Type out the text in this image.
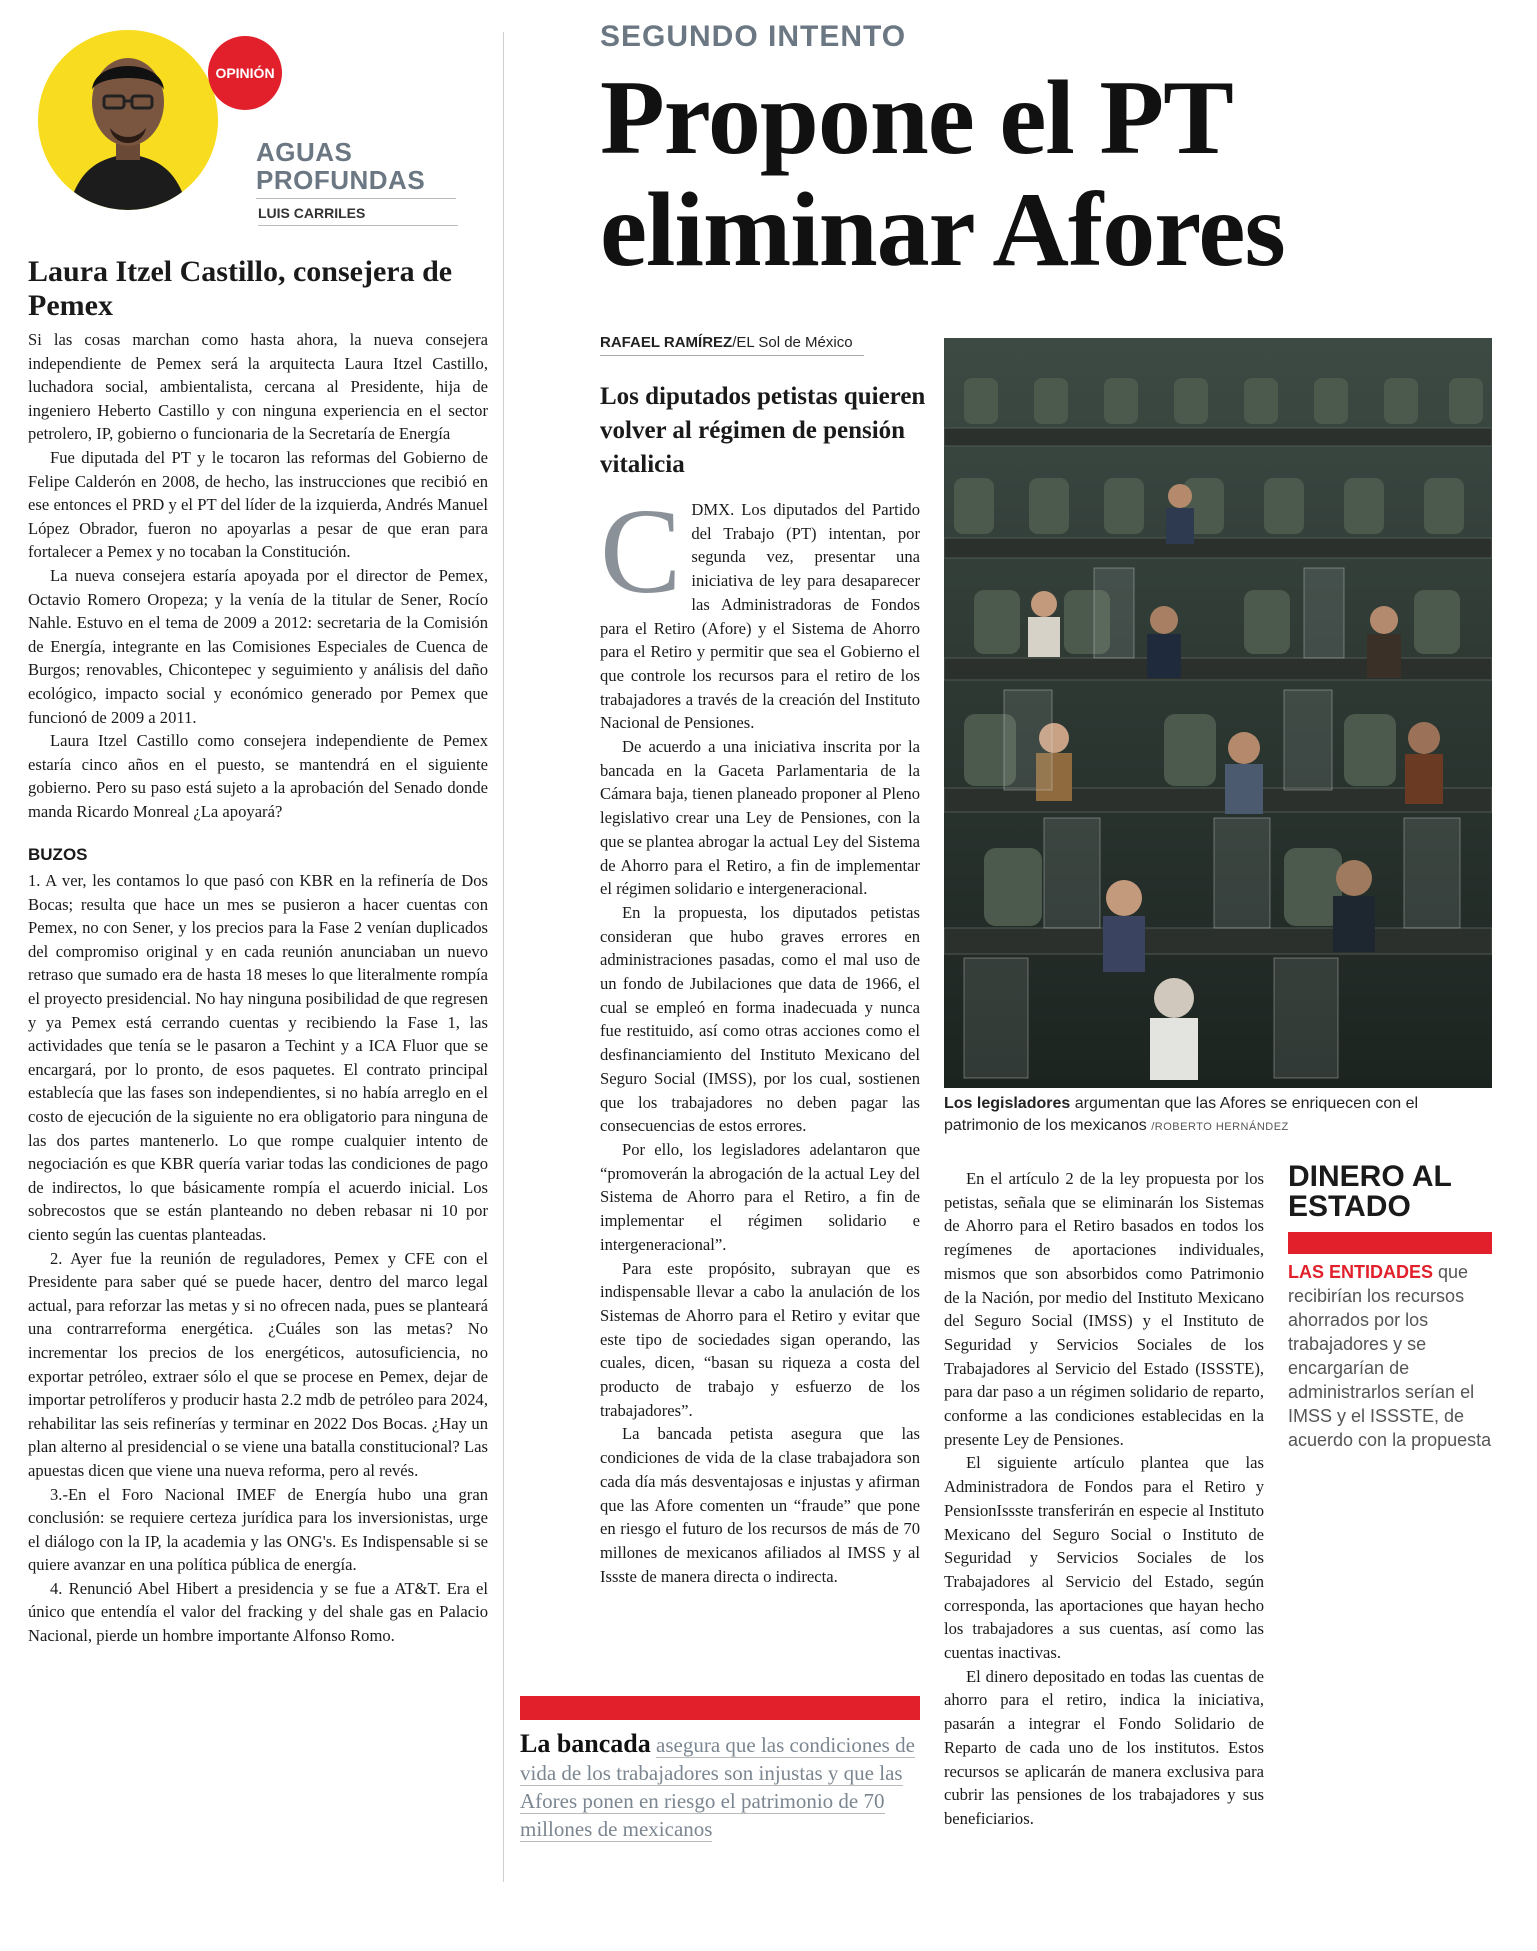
OPINIÓN
AGUAS PROFUNDAS
LUIS CARRILES
Laura Itzel Castillo, consejera de Pemex

Si las cosas marchan como hasta ahora, la nueva consejera independiente de Pemex será la arquitecta Laura Itzel Castillo, luchadora social, ambientalista, cercana al Presidente, hija de ingeniero Heberto Castillo y con ninguna experiencia en el sector petrolero, IP, gobierno o funcionaria de la Secretaría de Energía

Fue diputada del PT y le tocaron las reformas del Gobierno de Felipe Calderón en 2008, de hecho, las instrucciones que recibió en ese entonces el PRD y el PT del líder de la izquierda, Andrés Manuel López Obrador, fueron no apoyarlas a pesar de que eran para fortalecer a Pemex y no tocaban la Constitución.

La nueva consejera estaría apoyada por el director de Pemex, Octavio Romero Oropeza; y la venía de la titular de Sener, Rocío Nahle. Estuvo en el tema de 2009 a 2012: secretaria de la Comisión de Energía, integrante en las Comisiones Especiales de Cuenca de Burgos; renovables, Chicontepec y seguimiento y análisis del daño ecológico, impacto social y económico generado por Pemex que funcionó de 2009 a 2011.

Laura Itzel Castillo como consejera independiente de Pemex estaría cinco años en el puesto, se mantendrá en el siguiente gobierno. Pero su paso está sujeto a la aprobación del Senado donde manda Ricardo Monreal ¿La apoyará?

BUZOS

1. A ver, les contamos lo que pasó con KBR en la refinería de Dos Bocas; resulta que hace un mes se pusieron a hacer cuentas con Pemex, no con Sener, y los precios para la Fase 2 venían duplicados del compromiso original y en cada reunión anunciaban un nuevo retraso que sumado era de hasta 18 meses lo que literalmente rompía el proyecto presidencial. No hay ninguna posibilidad de que regresen y ya Pemex está cerrando cuentas y recibiendo la Fase 1, las actividades que tenía se le pasaron a Techint y a ICA Fluor que se encargará, por lo pronto, de esos paquetes. El contrato principal establecía que las fases son independientes, si no había arreglo en el costo de ejecución de la siguiente no era obligatorio para ninguna de las dos partes mantenerlo. Lo que rompe cualquier intento de negociación es que KBR quería variar todas las condiciones de pago de indirectos, lo que básicamente rompía el acuerdo inicial. Los sobrecostos que se están planteando no deben rebasar ni 10 por ciento según las cuentas planteadas.

2. Ayer fue la reunión de reguladores, Pemex y CFE con el Presidente para saber qué se puede hacer, dentro del marco legal actual, para reforzar las metas y si no ofrecen nada, pues se planteará una contrarreforma energética. ¿Cuáles son las metas? No incrementar los precios de los energéticos, autosuficiencia, no exportar petróleo, extraer sólo el que se procese en Pemex, dejar de importar petrolíferos y producir hasta 2.2 mdb de petróleo para 2024, rehabilitar las seis refinerías y terminar en 2022 Dos Bocas. ¿Hay un plan alterno al presidencial o se viene una batalla constitucional? Las apuestas dicen que viene una nueva reforma, pero al revés.

3.-En el Foro Nacional IMEF de Energía hubo una gran conclusión: se requiere certeza jurídica para los inversionistas, urge el diálogo con la IP, la academia y las ONG's. Es Indispensable si se quiere avanzar en una política pública de energía.

4. Renunció Abel Hibert a presidencia y se fue a AT&T. Era el único que entendía el valor del fracking y del shale gas en Palacio Nacional, pierde un hombre importante Alfonso Romo.

SEGUNDO INTENTO
Propone el PT eliminar Afores
RAFAEL RAMÍREZ/EL Sol de México
Los diputados petistas quieren volver al régimen de pensión vitalicia

CDMX. Los diputados del Partido del Trabajo (PT) intentan, por segunda vez, presentar una iniciativa de ley para desaparecer las Administradoras de Fondos para el Retiro (Afore) y el Sistema de Ahorro para el Retiro y permitir que sea el Gobierno el que controle los recursos para el retiro de los trabajadores a través de la creación del Instituto Nacional de Pensiones.

De acuerdo a una iniciativa inscrita por la bancada en la Gaceta Parlamentaria de la Cámara baja, tienen planeado proponer al Pleno legislativo crear una Ley de Pensiones, con la que se plantea abrogar la actual Ley del Sistema de Ahorro para el Retiro, a fin de implementar el régimen solidario e intergeneracional.

En la propuesta, los diputados petistas consideran que hubo graves errores en administraciones pasadas, como el mal uso de un fondo de Jubilaciones que data de 1966, el cual se empleó en forma inadecuada y nunca fue restituido, así como otras acciones como el desfinanciamiento del Instituto Mexicano del Seguro Social (IMSS), por los cual, sostienen que los trabajadores no deben pagar las consecuencias de estos errores.

Por ello, los legisladores adelantaron que “promoverán la abrogación de la actual Ley del Sistema de Ahorro para el Retiro, a fin de implementar el régimen solidario e intergeneracional”.

Para este propósito, subrayan que es indispensable llevar a cabo la anulación de los Sistemas de Ahorro para el Retiro y evitar que este tipo de sociedades sigan operando, las cuales, dicen, “basan su riqueza a costa del producto de trabajo y esfuerzo de los trabajadores”.

La bancada petista asegura que las condiciones de vida de la clase trabajadora son cada día más desventajosas e injustas y afirman que las Afore comenten un “fraude” que pone en riesgo el futuro de los recursos de más de 70 millones de mexicanos afiliados al IMSS y al Issste de manera directa o indirecta.

Los legisladores argumentan que las Afores se enriquecen con el patrimonio de los mexicanos /ROBERTO HERNÁNDEZ

En el artículo 2 de la ley propuesta por los petistas, señala que se eliminarán los Sistemas de Ahorro para el Retiro basados en todos los regímenes de aportaciones individuales, mismos que son absorbidos como Patrimonio de la Nación, por medio del Instituto Mexicano del Seguro Social (IMSS) y el Instituto de Seguridad y Servicios Sociales de los Trabajadores al Servicio del Estado (ISSSTE), para dar paso a un régimen solidario de reparto, conforme a las condiciones establecidas en la presente Ley de Pensiones.

El siguiente artículo plantea que las Administradora de Fondos para el Retiro y PensionIssste transferirán en especie al Instituto Mexicano del Seguro Social o Instituto de Seguridad y Servicios Sociales de los Trabajadores al Servicio del Estado, según corresponda, las aportaciones que hayan hecho los trabajadores a sus cuentas, así como las cuentas inactivas.

El dinero depositado en todas las cuentas de ahorro para el retiro, indica la iniciativa, pasarán a integrar el Fondo Solidario de Reparto de cada uno de los institutos. Estos recursos se aplicarán de manera exclusiva para cubrir las pensiones de los trabajadores y sus beneficiarios.

DINERO AL ESTADO
LAS ENTIDADES que recibirían los recursos ahorrados por los trabajadores y se encargarían de administrarlos serían el IMSS y el ISSSTE, de acuerdo con la propuesta
La bancada asegura que las condiciones de vida de los trabajadores son injustas y que las Afores ponen en riesgo el patrimonio de 70 millones de mexicanos
